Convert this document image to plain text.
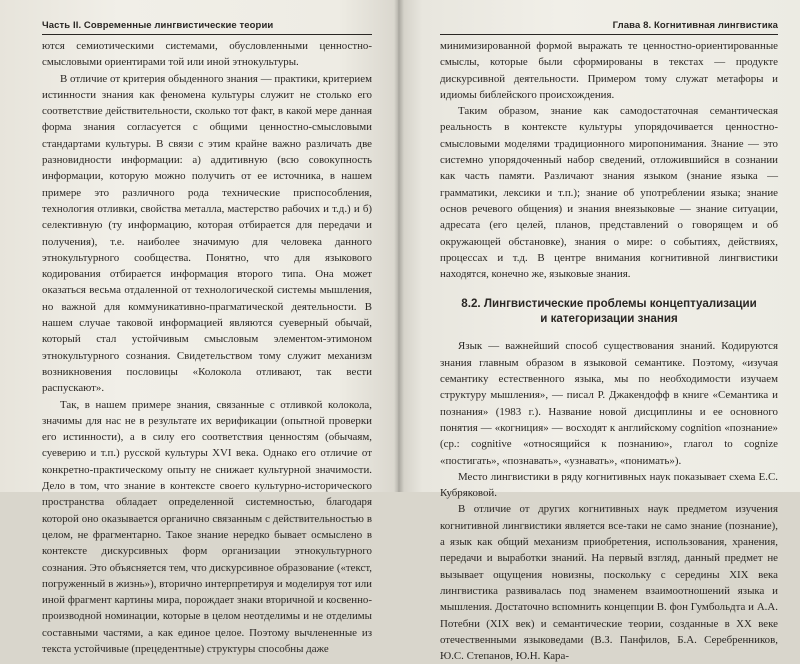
Часть II. Современные лингвистические теории

ются семиотическими системами, обусловленными ценностно-смысловыми ориентирами той или иной этнокультуры.

В отличие от критерия обыденного знания — практики, критерием истинности знания как феномена культуры служит не столько его соответствие действительности, сколько тот факт, в какой мере данная форма знания согласуется с общими ценностно-смысловыми стандартами культуры. В связи с этим крайне важно различать две разновидности информации: а) аддитивную (всю совокупность информации, которую можно получить от ее источника, в нашем примере это различного рода технические приспособления, технология отливки, свойства металла, мастерство рабочих и т.д.) и б) селективную (ту информацию, которая отбирается для передачи и получения), т.е. наиболее значимую для человека данного этнокультурного сообщества. Понятно, что для языкового кодирования отбирается информация второго типа. Она может оказаться весьма отдаленной от технологической системы мышления, но важной для коммуникативно-прагматической деятельности. В нашем случае таковой информацией являются суеверный обычай, который стал устойчивым смысловым элементом-этимоном этнокультурного сознания. Свидетельством тому служит механизм возникновения пословицы «Колокола отливают, так вести распускают».

Так, в нашем примере знания, связанные с отливкой колокола, значимы для нас не в результате их верификации (опытной проверки его истинности), а в силу его соответствия ценностям (обычаям, суеверию и т.п.) русской культуры XVI века. Однако его отличие от конкретно-практическому опыту не снижает культурной значимости. Дело в том, что знание в контексте своего культурно-исторического пространства обладает определенной системностью, благодаря которой оно оказывается органично связанным с действительностью в целом, не фрагментарно. Такое знание нередко бывает осмыслено в контексте дискурсивных форм организации этнокультурного сознания. Это объясняется тем, что дискурсивное образование («текст, погруженный в жизнь»), вторично интерпретируя и моделируя тот или иной фрагмент картины мира, порождает знаки вторичной и косвенно-производной номинации, которые в целом неотделимы и не отделимы составными частями, а как единое целое. Поэтому вычлененные из текста устойчивые (прецедентные) структуры способны даже

Глава 8. Когнитивная лингвистика

минимизированной формой выражать те ценностно-ориентированные смыслы, которые были сформированы в текстах — продукте дискурсивной деятельности. Примером тому служат метафоры и идиомы библейского происхождения.

Таким образом, знание как самодостаточная семантическая реальность в контексте культуры упорядочивается ценностно-смысловыми моделями традиционного миропонимания. Знание — это системно упорядоченный набор сведений, отложившийся в сознании как часть памяти. Различают знания языком (знание языка — грамматики, лексики и т.п.); знание об употреблении языка; знание основ речевого общения) и знания внеязыковые — знание ситуации, адресата (его целей, планов, представлений о говорящем и об окружающей обстановке), знания о мире: о событиях, действиях, процессах и т.д. В центре внимания когнитивной лингвистики находятся, конечно же, языковые знания.

8.2. Лингвистические проблемы концептуализации
и категоризации знания

Язык — важнейший способ существования знаний. Кодируются знания главным образом в языковой семантике. Поэтому, «изучая семантику естественного языка, мы по необходимости изучаем структуру мышления», — писал Р. Джакендофф в книге «Семантика и познания» (1983 г.). Название новой дисциплины и ее основного понятия — «когниция» — восходят к английскому cognition «познание» (ср.: cognitive «относящийся к познанию», глагол to cognize «постигать», «познавать», «узнавать», «понимать»).

Место лингвистики в ряду когнитивных наук показывает схема Е.С. Кубряковой.

В отличие от других когнитивных наук предметом изучения когнитивной лингвистики является все-таки не само знание (познание), а язык как общий механизм приобретения, использования, хранения, передачи и выработки знаний. На первый взгляд, данный предмет не вызывает ощущения новизны, поскольку с середины XIX века лингвистика развивалась под знаменем взаимоотношений языка и мышления. Достаточно вспомнить концепции В. фон Гумбольдта и А.А. Потебни (XIX век) и семантические теории, созданные в XX веке отечественными языковедами (В.З. Панфилов, Б.А. Серебренников, Ю.С. Степанов, Ю.Н. Кара-
